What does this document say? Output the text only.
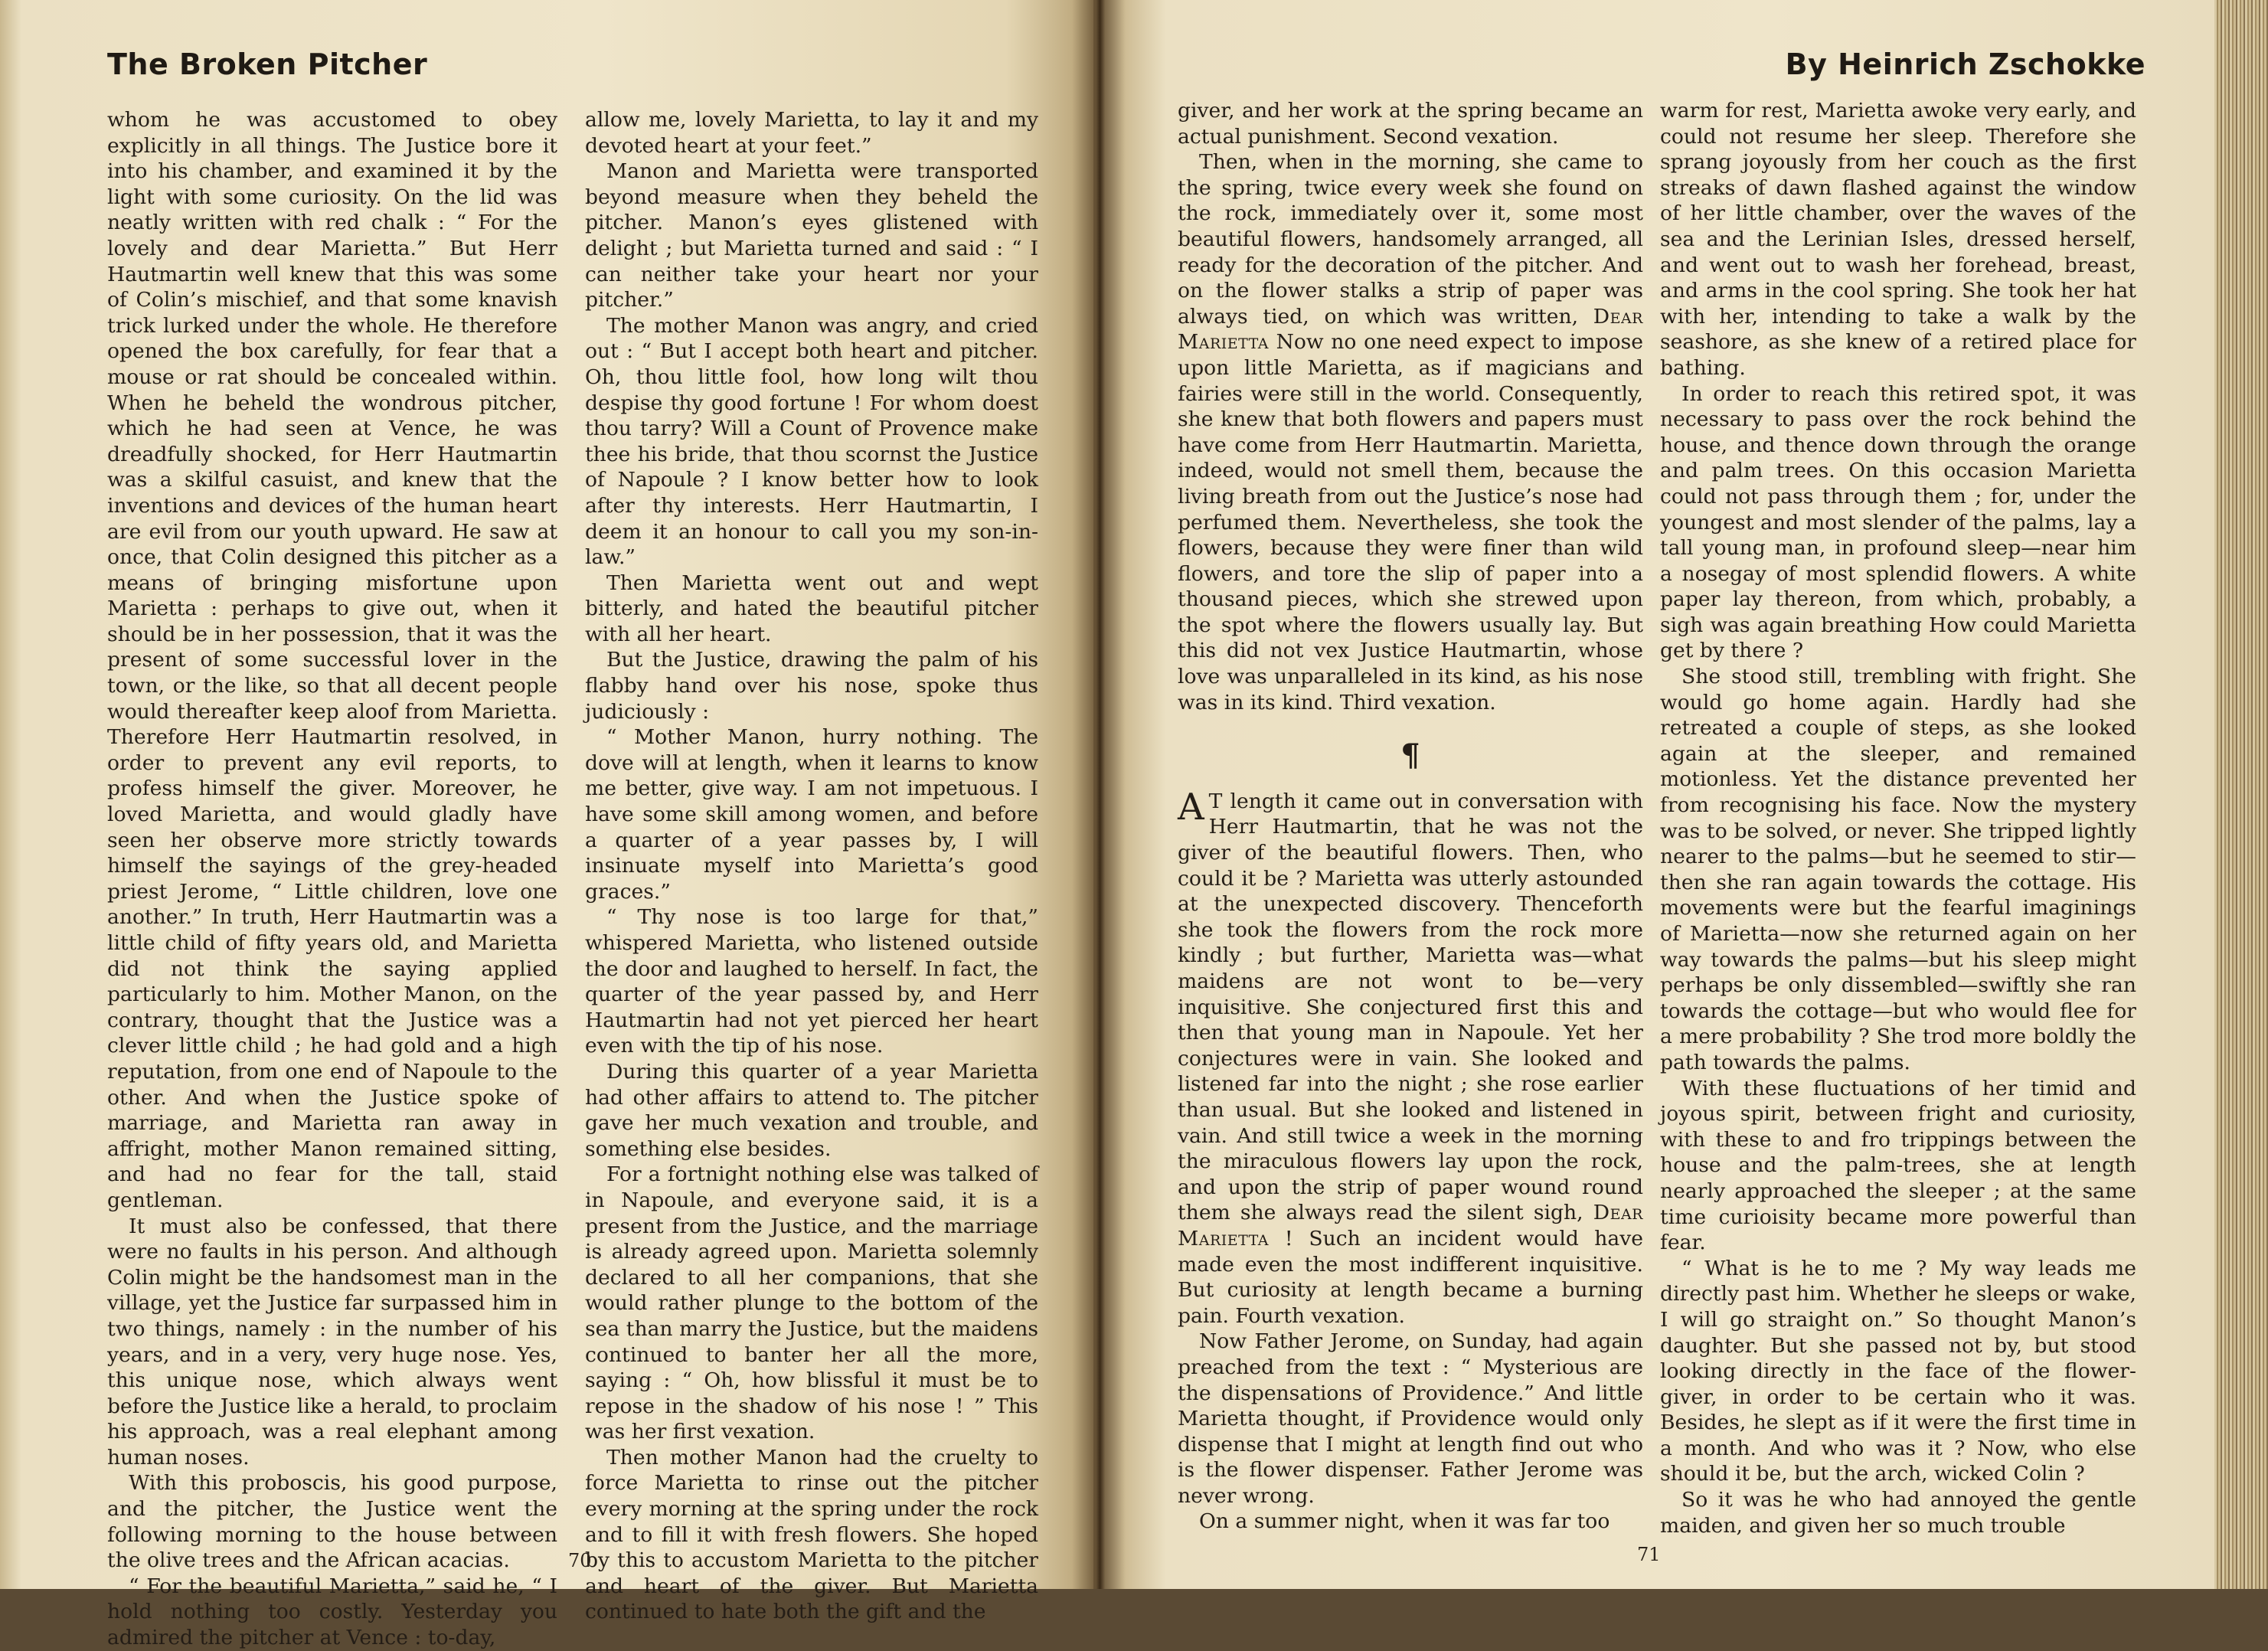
The Broken Pitcher

whom he was accustomed to obey explicitly in all things. The Justice bore it into his chamber, and examined it by the light with some curiosity. On the lid was neatly written with red chalk : “ For the lovely and dear Marietta.” But Herr Hautmartin well knew that this was some of Colin’s mischief, and that some knavish trick lurked under the whole. He therefore opened the box carefully, for fear that a mouse or rat should be concealed within. When he beheld the wondrous pitcher, which he had seen at Vence, he was dreadfully shocked, for Herr Hautmartin was a skilful casuist, and knew that the inventions and devices of the human heart are evil from our youth upward. He saw at once, that Colin designed this pitcher as a means of bringing misfortune upon Marietta : perhaps to give out, when it should be in her possession, that it was the present of some successful lover in the town, or the like, so that all decent people would thereafter keep aloof from Marietta. Therefore Herr Hautmartin resolved, in order to prevent any evil reports, to profess himself the giver. Moreover, he loved Marietta, and would gladly have seen her observe more strictly towards himself the sayings of the grey-headed priest Jerome, “ Little children, love one another.” In truth, Herr Hautmartin was a little child of fifty years old, and Marietta did not think the saying applied particularly to him. Mother Manon, on the contrary, thought that the Justice was a clever little child ; he had gold and a high reputation, from one end of Napoule to the other. And when the Justice spoke of marriage, and Marietta ran away in affright, mother Manon remained sitting, and had no fear for the tall, staid gentleman.

It must also be confessed, that there were no faults in his person. And although Colin might be the handsomest man in the village, yet the Justice far surpassed him in two things, namely : in the number of his years, and in a very, very huge nose. Yes, this unique nose, which always went before the Justice like a herald, to proclaim his approach, was a real elephant among human noses.

With this proboscis, his good purpose, and the pitcher, the Justice went the following morning to the house between the olive trees and the African acacias.

“ For the beautiful Marietta,” said he, “ I hold nothing too costly. Yesterday you admired the pitcher at Vence : to-day,

allow me, lovely Marietta, to lay it and my devoted heart at your feet.”

Manon and Marietta were transported beyond measure when they beheld the pitcher. Manon’s eyes glistened with delight ; but Marietta turned and said : “ I can neither take your heart nor your pitcher.”

The mother Manon was angry, and cried out : “ But I accept both heart and pitcher. Oh, thou little fool, how long wilt thou despise thy good fortune ! For whom doest thou tarry? Will a Count of Provence make thee his bride, that thou scornst the Justice of Napoule ? I know better how to look after thy interests. Herr Hautmartin, I deem it an honour to call you my son-in-law.”

Then Marietta went out and wept bitterly, and hated the beautiful pitcher with all her heart.

But the Justice, drawing the palm of his flabby hand over his nose, spoke thus judiciously :

“ Mother Manon, hurry nothing. The dove will at length, when it learns to know me better, give way. I am not impetuous. I have some skill among women, and before a quarter of a year passes by, I will insinuate myself into Marietta’s good graces.”

“ Thy nose is too large for that,” whispered Marietta, who listened outside the door and laughed to herself. In fact, the quarter of the year passed by, and Herr Hautmartin had not yet pierced her heart even with the tip of his nose.

During this quarter of a year Marietta had other affairs to attend to. The pitcher gave her much vexation and trouble, and something else besides.

For a fortnight nothing else was talked of in Napoule, and everyone said, it is a present from the Justice, and the marriage is already agreed upon. Marietta solemnly declared to all her companions, that she would rather plunge to the bottom of the sea than marry the Justice, but the maidens continued to banter her all the more, saying : “ Oh, how blissful it must be to repose in the shadow of his nose ! ” This was her first vexation.

Then mother Manon had the cruelty to force Marietta to rinse out the pitcher every morning at the spring under the rock and to fill it with fresh flowers. She hoped by this to accustom Marietta to the pitcher and heart of the giver. But Marietta continued to hate both the gift and the

70
By Heinrich Zschokke

giver, and her work at the spring became an actual punishment. Second vexation.

Then, when in the morning, she came to the spring, twice every week she found on the rock, immediately over it, some most beautiful flowers, handsomely arranged, all ready for the decoration of the pitcher. And on the flower stalks a strip of paper was always tied, on which was written, Dear Marietta Now no one need expect to impose upon little Marietta, as if magicians and fairies were still in the world. Consequently, she knew that both flowers and papers must have come from Herr Hautmartin. Marietta, indeed, would not smell them, because the living breath from out the Justice’s nose had perfumed them. Nevertheless, she took the flowers, because they were finer than wild flowers, and tore the slip of paper into a thousand pieces, which she strewed upon the spot where the flowers usually lay. But this did not vex Justice Hautmartin, whose love was unparalleled in its kind, as his nose was in its kind. Third vexation.

¶

A T length it came out in conversation with Herr Hautmartin, that he was not the giver of the beautiful flowers. Then, who could it be ? Marietta was utterly astounded at the unexpected discovery. Thenceforth she took the flowers from the rock more kindly ; but further, Marietta was—what maidens are not wont to be—very inquisitive. She conjectured first this and then that young man in Napoule. Yet her conjectures were in vain. She looked and listened far into the night ; she rose earlier than usual. But she looked and listened in vain. And still twice a week in the morning the miraculous flowers lay upon the rock, and upon the strip of paper wound round them she always read the silent sigh, Dear Marietta ! Such an incident would have made even the most indifferent inquisitive. But curiosity at length became a burning pain. Fourth vexation.

Now Father Jerome, on Sunday, had again preached from the text : “ Mysterious are the dispensations of Providence.” And little Marietta thought, if Providence would only dispense that I might at length find out who is the flower dispenser. Father Jerome was never wrong.

On a summer night, when it was far too

warm for rest, Marietta awoke very early, and could not resume her sleep. Therefore she sprang joyously from her couch as the first streaks of dawn flashed against the window of her little chamber, over the waves of the sea and the Lerinian Isles, dressed herself, and went out to wash her forehead, breast, and arms in the cool spring. She took her hat with her, intending to take a walk by the seashore, as she knew of a retired place for bathing.

In order to reach this retired spot, it was necessary to pass over the rock behind the house, and thence down through the orange and palm trees. On this occasion Marietta could not pass through them ; for, under the youngest and most slender of the palms, lay a tall young man, in profound sleep—near him a nosegay of most splendid flowers. A white paper lay thereon, from which, probably, a sigh was again breathing How could Marietta get by there ?

She stood still, trembling with fright. She would go home again. Hardly had she retreated a couple of steps, as she looked again at the sleeper, and remained motionless. Yet the distance prevented her from recognising his face. Now the mystery was to be solved, or never. She tripped lightly nearer to the palms—but he seemed to stir—then she ran again towards the cottage. His movements were but the fearful imaginings of Marietta—now she returned again on her way towards the palms—but his sleep might perhaps be only dissembled—swiftly she ran towards the cottage—but who would flee for a mere probability ? She trod more boldly the path towards the palms.

With these fluctuations of her timid and joyous spirit, between fright and curiosity, with these to and fro trippings between the house and the palm-trees, she at length nearly approached the sleeper ; at the same time curioisity became more powerful than fear.

“ What is he to me ? My way leads me directly past him. Whether he sleeps or wake, I will go straight on.” So thought Manon’s daughter. But she passed not by, but stood looking directly in the face of the flower-giver, in order to be certain who it was. Besides, he slept as if it were the first time in a month. And who was it ? Now, who else should it be, but the arch, wicked Colin ?

So it was he who had annoyed the gentle maiden, and given her so much trouble

71
